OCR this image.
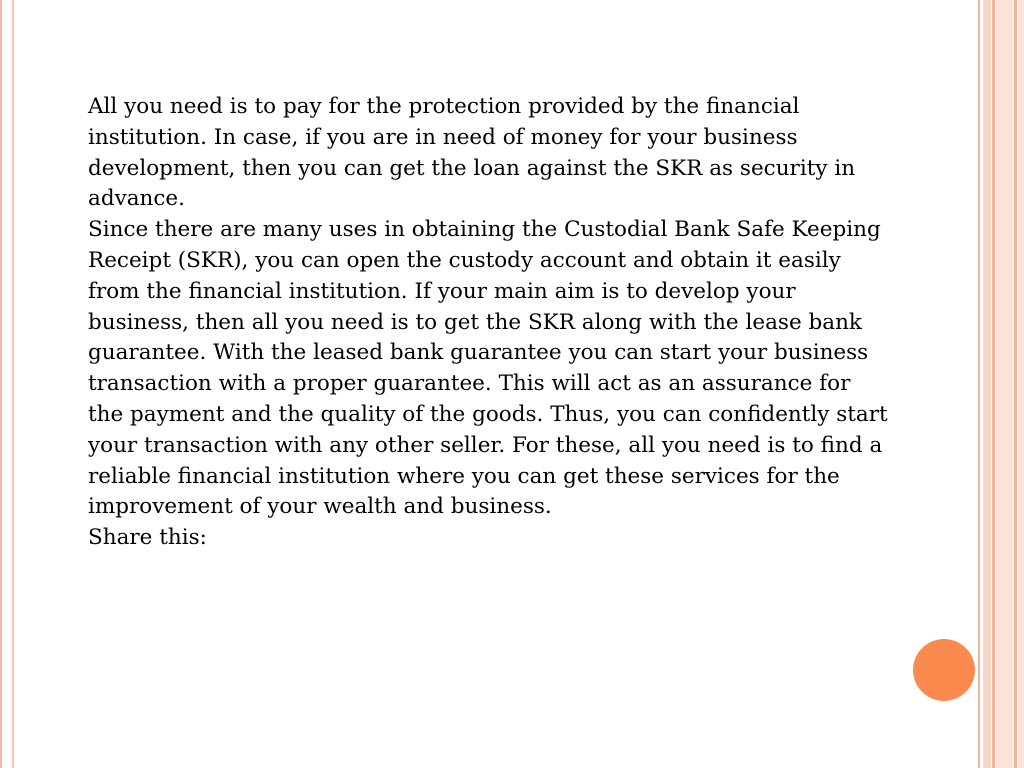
All you need is to pay for the protection provided by the financial institution. In case, if you are in need of money for your business development, then you can get the loan against the SKR as security in advance.

Since there are many uses in obtaining the Custodial Bank Safe Keeping Receipt (SKR), you can open the custody account and obtain it easily from the financial institution. If your main aim is to develop your business, then all you need is to get the SKR along with the lease bank guarantee. With the leased bank guarantee you can start your business transaction with a proper guarantee. This will act as an assurance for the payment and the quality of the goods. Thus, you can confidently start your transaction with any other seller. For these, all you need is to find a reliable financial institution where you can get these services for the improvement of your wealth and business.

Share this:
